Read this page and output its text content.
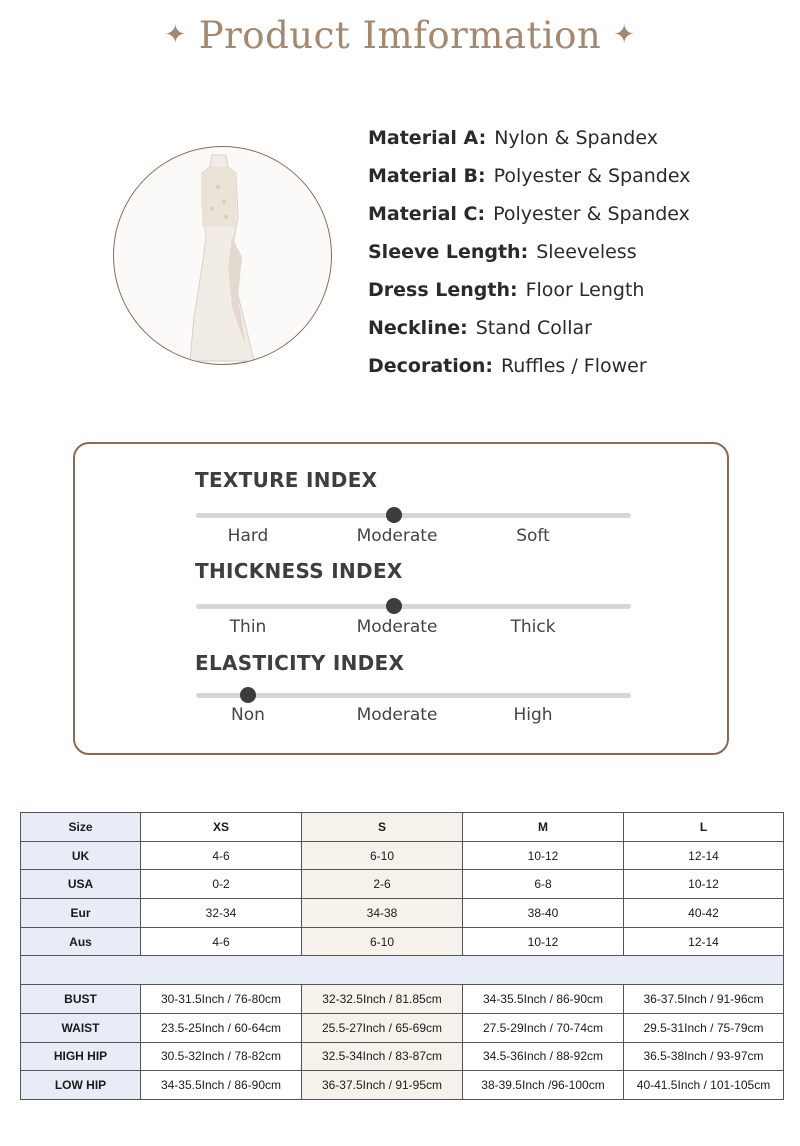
✦ Product Imformation ✦
Material A: Nylon & Spandex
Material B: Polyester & Spandex
Material C: Polyester & Spandex
Sleeve Length: Sleeveless
Dress Length: Floor Length
Neckline: Stand Collar
Decoration: Ruffles / Flower
TEXTURE INDEX
Hard	Moderate	Soft
THICKNESS INDEX
Thin	Moderate	Thick
ELASTICITY INDEX
Non	Moderate	High
Size	XS	S	M	L
UK	4-6	6-10	10-12	12-14
USA	0-2	2-6	6-8	10-12
Eur	32-34	34-38	38-40	40-42
Aus	4-6	6-10	10-12	12-14

BUST	30-31.5Inch / 76-80cm	32-32.5Inch / 81.85cm	34-35.5Inch / 86-90cm	36-37.5Inch / 91-96cm
WAIST	23.5-25Inch / 60-64cm	25.5-27Inch / 65-69cm	27.5-29Inch / 70-74cm	29.5-31Inch / 75-79cm
HIGH HIP	30.5-32Inch / 78-82cm	32.5-34Inch / 83-87cm	34.5-36Inch / 88-92cm	36.5-38Inch / 93-97cm
LOW HIP	34-35.5Inch / 86-90cm	36-37.5Inch / 91-95cm	38-39.5Inch /96-100cm	40-41.5Inch / 101-105cm
